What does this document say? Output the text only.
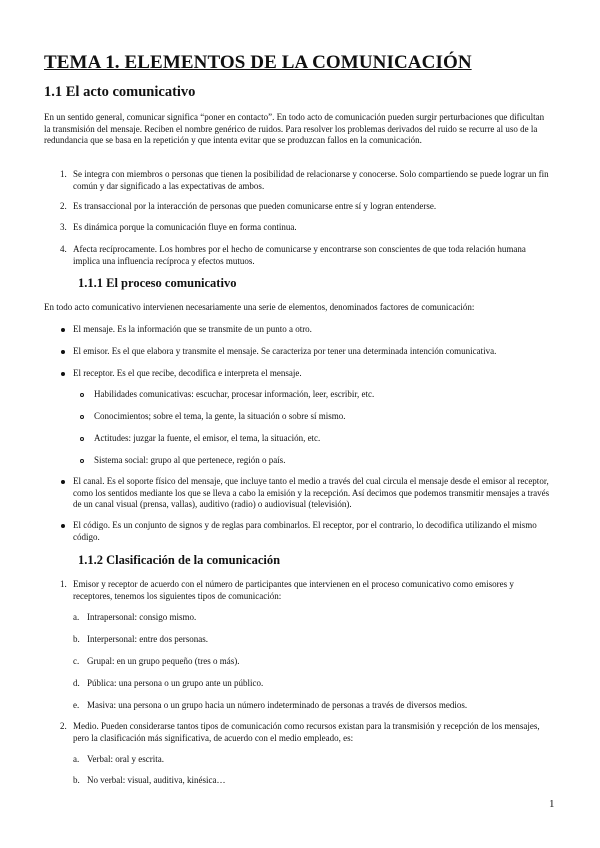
TEMA 1. ELEMENTOS DE LA COMUNICACIÓN
1.1 El acto comunicativo

En un sentido general, comunicar significa “poner en contacto”. En todo acto de comunicación pueden surgir perturbaciones que dificultan la transmisión del mensaje. Reciben el nombre genérico de ruidos. Para resolver los problemas derivados del ruido se recurre al uso de la redundancia que se basa en la repetición y que intenta evitar que se produzcan fallos en la comunicación.

1. Se integra con miembros o personas que tienen la posibilidad de relacionarse y conocerse. Solo compartiendo se puede lograr un fin común y dar significado a las expectativas de ambos.

2. Es transaccional por la interacción de personas que pueden comunicarse entre sí y logran entenderse.

3. Es dinámica porque la comunicación fluye en forma continua.

4. Afecta recíprocamente. Los hombres por el hecho de comunicarse y encontrarse son conscientes de que toda relación humana implica una influencia recíproca y efectos mutuos.

1.1.1 El proceso comunicativo

En todo acto comunicativo intervienen necesariamente una serie de elementos, denominados factores de comunicación:

El mensaje. Es la información que se transmite de un punto a otro.

El emisor. Es el que elabora y transmite el mensaje. Se caracteriza por tener una determinada intención comunicativa.

El receptor. Es el que recibe, decodifica e interpreta el mensaje.

Habilidades comunicativas: escuchar, procesar información, leer, escribir, etc.

Conocimientos; sobre el tema, la gente, la situación o sobre sí mismo.

Actitudes: juzgar la fuente, el emisor, el tema, la situación, etc.

Sistema social: grupo al que pertenece, región o país.

El canal. Es el soporte físico del mensaje, que incluye tanto el medio a través del cual circula el mensaje desde el emisor al receptor, como los sentidos mediante los que se lleva a cabo la emisión y la recepción. Así decimos que podemos transmitir mensajes a través de un canal visual (prensa, vallas), auditivo (radio) o audiovisual (televisión).

El código. Es un conjunto de signos y de reglas para combinarlos. El receptor, por el contrario, lo decodifica utilizando el mismo código.

1.1.2 Clasificación de la comunicación
1. Emisor y receptor de acuerdo con el número de participantes que intervienen en el proceso comunicativo como emisores y receptores, tenemos los siguientes tipos de comunicación:

a. Intrapersonal: consigo mismo.

b. Interpersonal: entre dos personas.

c. Grupal: en un grupo pequeño (tres o más).

d. Pública: una persona o un grupo ante un público.

e. Masiva: una persona o un grupo hacia un número indeterminado de personas a través de diversos medios.

2. Medio. Pueden considerarse tantos tipos de comunicación como recursos existan para la transmisión y recepción de los mensajes, pero la clasificación más significativa, de acuerdo con el medio empleado, es:

a. Verbal: oral y escrita.

b. No verbal: visual, auditiva, kinésica…

1
